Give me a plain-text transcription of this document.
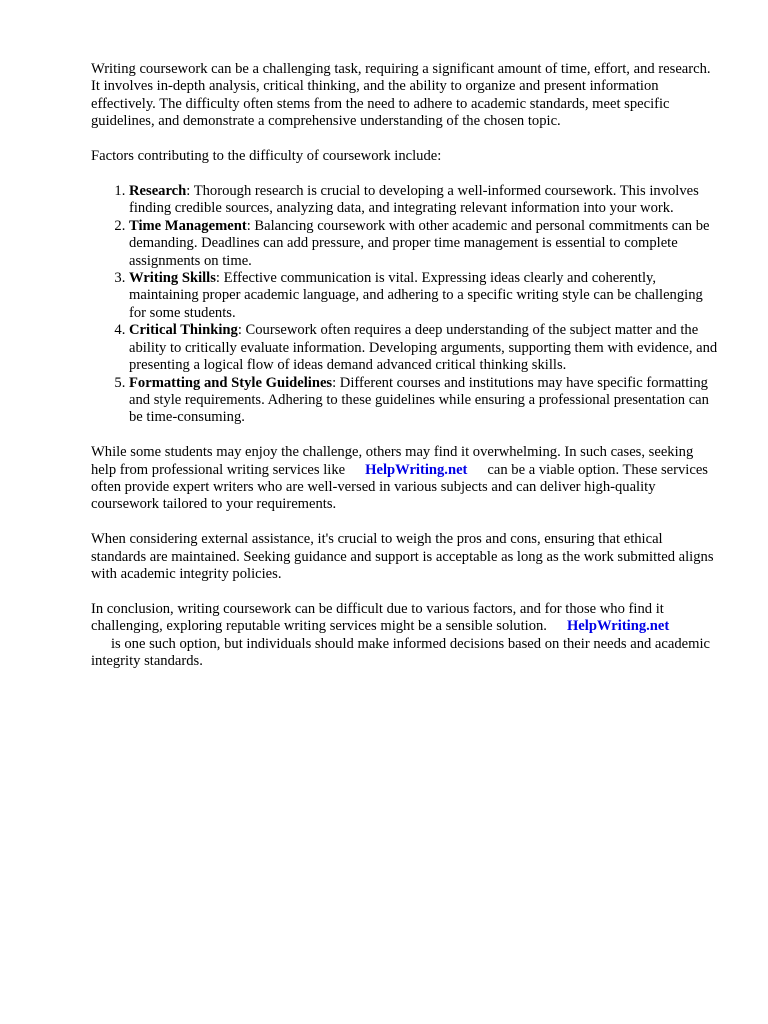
Writing coursework can be a challenging task, requiring a significant amount of time, effort, and research. It involves in-depth analysis, critical thinking, and the ability to organize and present information effectively. The difficulty often stems from the need to adhere to academic standards, meet specific guidelines, and demonstrate a comprehensive understanding of the chosen topic.

Factors contributing to the difficulty of coursework include:

1. Research: Thorough research is crucial to developing a well-informed coursework. This involves finding credible sources, analyzing data, and integrating relevant information into your work.
2. Time Management: Balancing coursework with other academic and personal commitments can be demanding. Deadlines can add pressure, and proper time management is essential to complete assignments on time.
3. Writing Skills: Effective communication is vital. Expressing ideas clearly and coherently, maintaining proper academic language, and adhering to a specific writing style can be challenging for some students.
4. Critical Thinking: Coursework often requires a deep understanding of the subject matter and the ability to critically evaluate information. Developing arguments, supporting them with evidence, and presenting a logical flow of ideas demand advanced critical thinking skills.
5. Formatting and Style Guidelines: Different courses and institutions may have specific formatting and style requirements. Adhering to these guidelines while ensuring a professional presentation can be time-consuming.

While some students may enjoy the challenge, others may find it overwhelming. In such cases, seeking help from professional writing services like HelpWriting.net can be a viable option. These services often provide expert writers who are well-versed in various subjects and can deliver high-quality coursework tailored to your requirements.

When considering external assistance, it's crucial to weigh the pros and cons, ensuring that ethical standards are maintained. Seeking guidance and support is acceptable as long as the work submitted aligns with academic integrity policies.

In conclusion, writing coursework can be difficult due to various factors, and for those who find it challenging, exploring reputable writing services might be a sensible solution. HelpWriting.net
is one such option, but individuals should make informed decisions based on their needs and academic integrity standards.
